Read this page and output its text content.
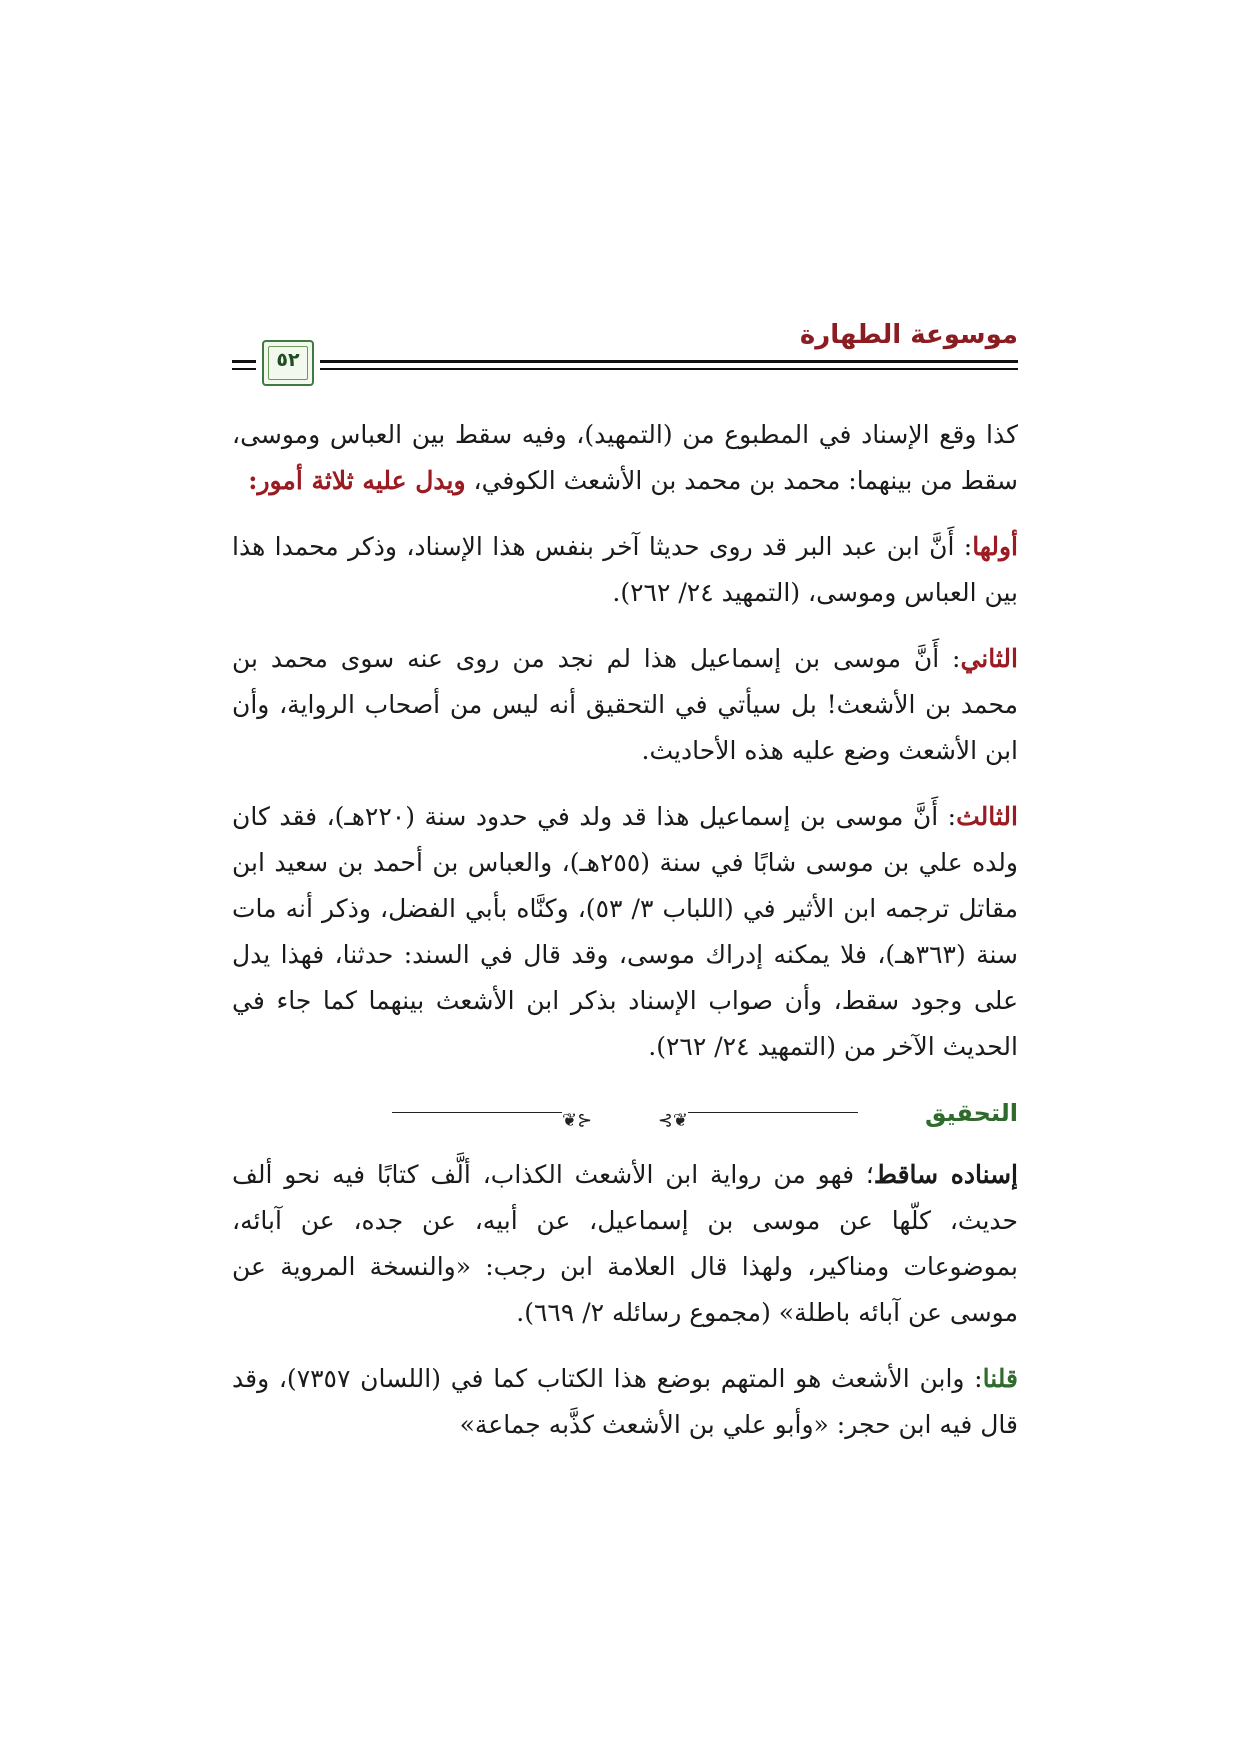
موسوعة الطهارة
٥٢

كذا وقع الإسناد في المطبوع من (التمهيد)، وفيه سقط بين العباس وموسى، سقط من بينهما: محمد بن محمد بن الأشعث الكوفي، ويدل عليه ثلاثة أمور:

أولها: أَنَّ ابن عبد البر قد روى حديثا آخر بنفس هذا الإسناد، وذكر محمدا هذا بين العباس وموسى، (التمهيد ٢٤/ ٢٦٢).

الثاني: أَنَّ موسى بن إسماعيل هذا لم نجد من روى عنه سوى محمد بن محمد بن الأشعث! بل سيأتي في التحقيق أنه ليس من أصحاب الرواية، وأن ابن الأشعث وضع عليه هذه الأحاديث.

الثالث: أَنَّ موسى بن إسماعيل هذا قد ولد في حدود سنة (٢٢٠هـ)، فقد كان ولده علي بن موسى شابًا في سنة (٢٥٥هـ)، والعباس بن أحمد بن سعيد ابن مقاتل ترجمه ابن الأثير في (اللباب ٣/ ٥٣)، وكنَّاه بأبي الفضل، وذكر أنه مات سنة (٣٦٣هـ)، فلا يمكنه إدراك موسى، وقد قال في السند: حدثنا، فهذا يدل على وجود سقط، وأن صواب الإسناد بذكر ابن الأشعث بينهما كما جاء في الحديث الآخر من (التمهيد ٢٤/ ٢٦٢).

⊰❦	❦⊱	التحقيق

إسناده ساقط؛ فهو من رواية ابن الأشعث الكذاب، ألَّف كتابًا فيه نحو ألف حديث، كلّها عن موسى بن إسماعيل، عن أبيه، عن جده، عن آبائه، بموضوعات ومناكير، ولهذا قال العلامة ابن رجب: «والنسخة المروية عن موسى عن آبائه باطلة» (مجموع رسائله ٢/ ٦٦٩).

قلنا: وابن الأشعث هو المتهم بوضع هذا الكتاب كما في (اللسان ٧٣٥٧)، وقد قال فيه ابن حجر: «وأبو علي بن الأشعث كذَّبه جماعة»
